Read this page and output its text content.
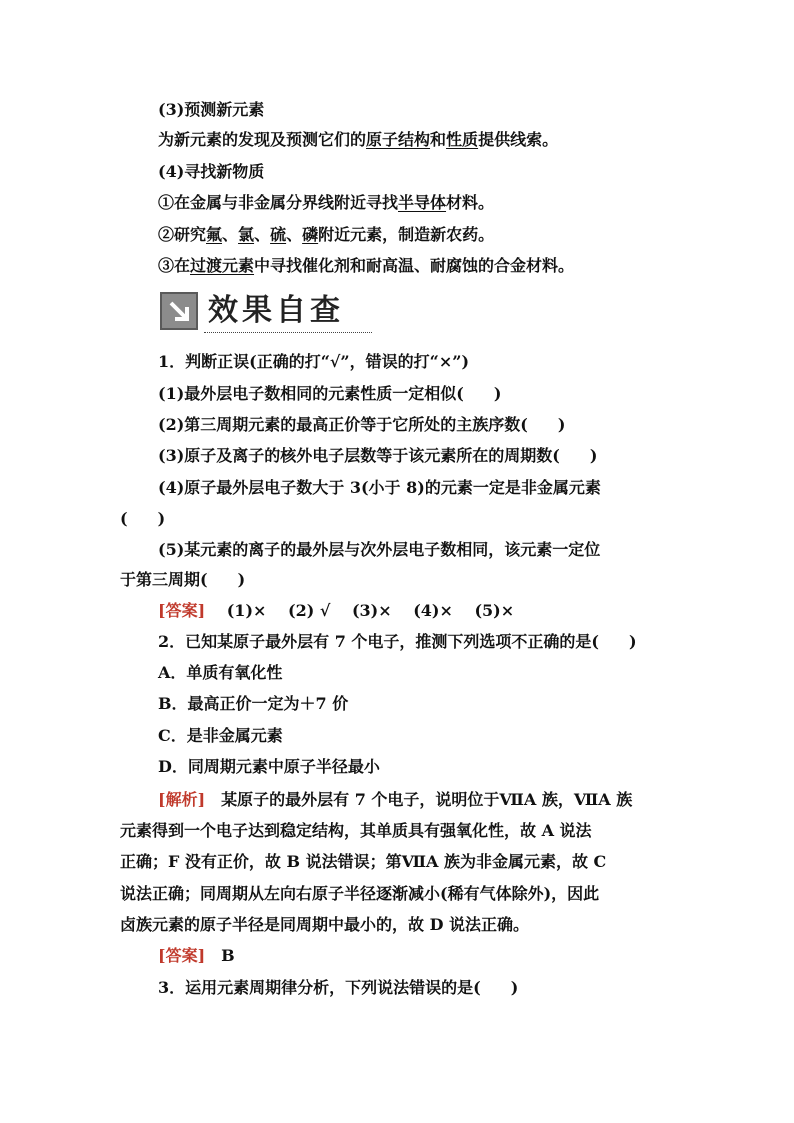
(3)预测新元素
为新元素的发现及预测它们的原子结构和性质提供线索。
(4)寻找新物质
①在金属与非金属分界线附近寻找半导体材料。
②研究氟、氯、硫、磷附近元素，制造新农药。
③在过渡元素中寻找催化剂和耐高温、耐腐蚀的合金材料。
效果自查
1．判断正误(正确的打“√”，错误的打“×”)
(1)最外层电子数相同的元素性质一定相似( )
(2)第三周期元素的最高正价等于它所处的主族序数( )
(3)原子及离子的核外电子层数等于该元素所在的周期数( )
(4)原子最外层电子数大于 3(小于 8)的元素一定是非金属元素
( )
(5)某元素的离子的最外层与次外层电子数相同，该元素一定位
于第三周期( )
[答案] (1)× (2) √ (3)× (4)× (5)×
2．已知某原子最外层有 7 个电子，推测下列选项不正确的是( )
A．单质有氧化性
B．最高正价一定为＋7 价
C．是非金属元素
D．同周期元素中原子半径最小
[解析] 某原子的最外层有 7 个电子，说明位于ⅦA 族，ⅦA 族
元素得到一个电子达到稳定结构，其单质具有强氧化性，故 A 说法
正确；F 没有正价，故 B 说法错误；第ⅦA 族为非金属元素，故 C
说法正确；同周期从左向右原子半径逐渐减小(稀有气体除外)，因此
卤族元素的原子半径是同周期中最小的，故 D 说法正确。
[答案] B
3．运用元素周期律分析，下列说法错误的是( )
